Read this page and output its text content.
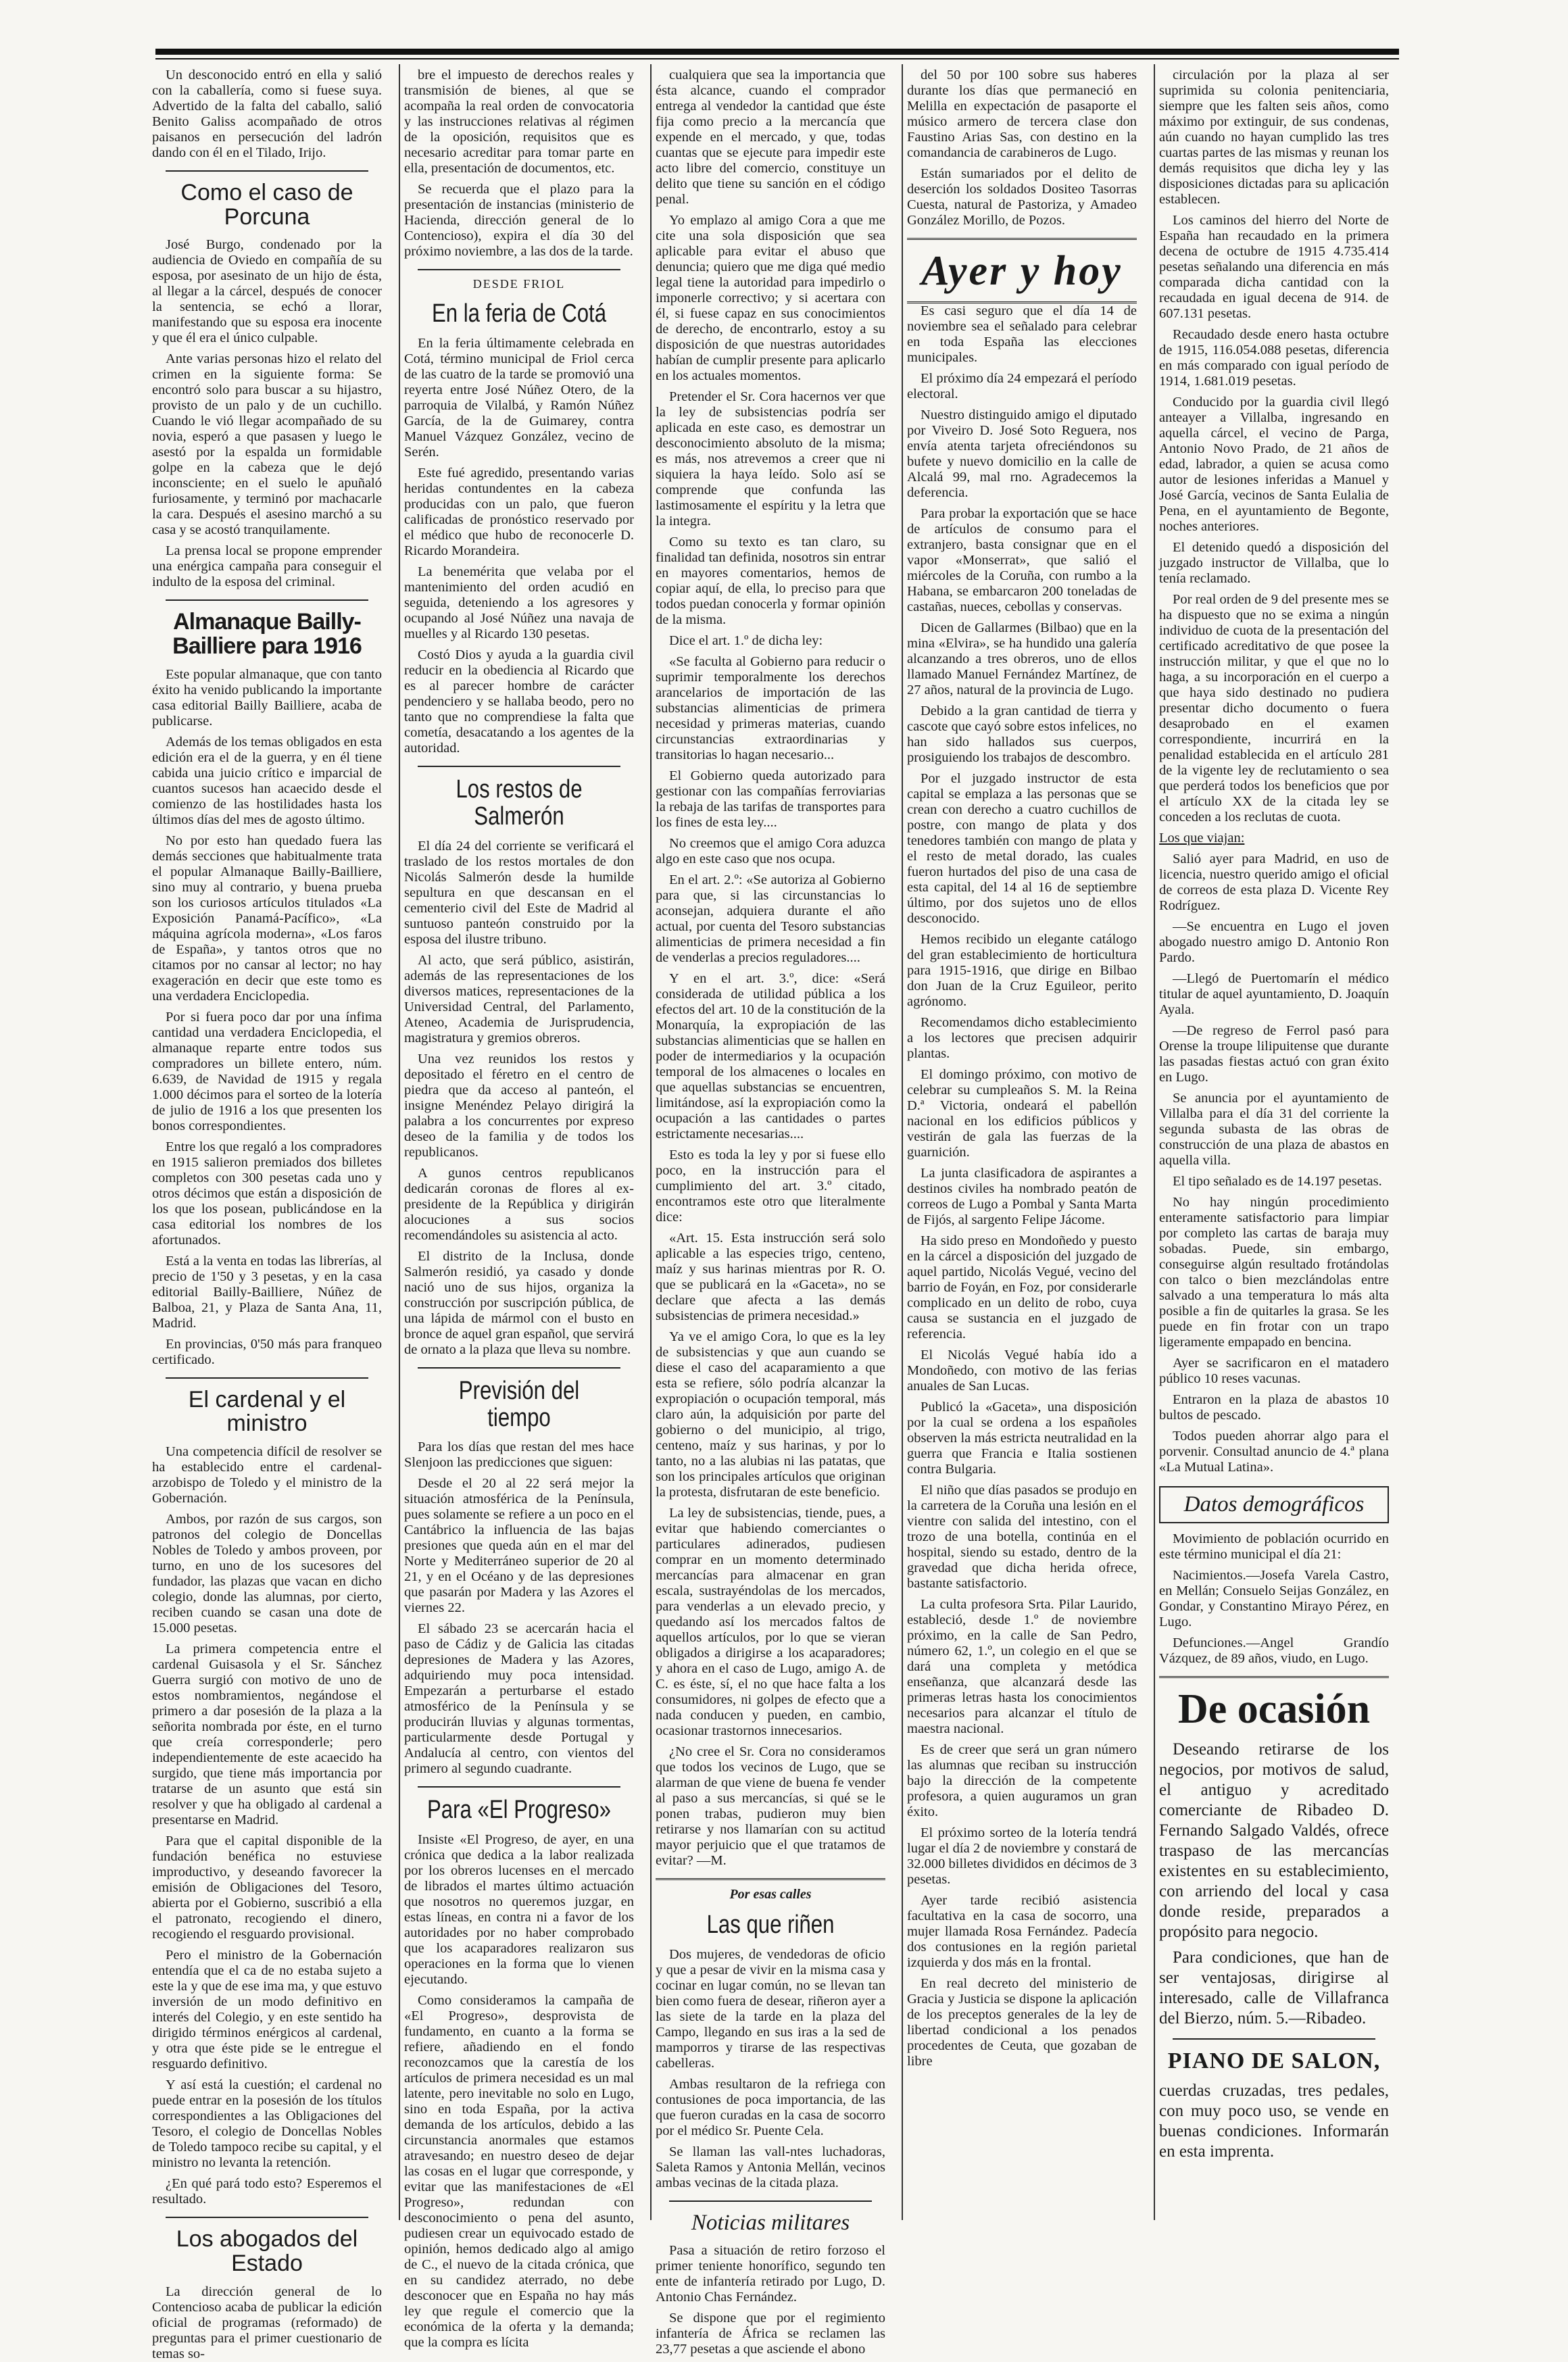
Un desconocido entró en ella y salió con la caballería, como si fuese suya. Advertido de la falta del caballo, salió Benito Galiss acompañado de otros paisanos en persecución del ladrón dando con él en el Tilado, Irijo.

Como el caso de Porcuna

José Burgo, condenado por la audiencia de Oviedo en compañía de su esposa, por asesinato de un hijo de ésta, al llegar a la cárcel, después de conocer la sentencia, se echó a llorar, manifestando que su esposa era inocente y que él era el único culpable.

Ante varias personas hizo el relato del crimen en la siguiente forma: Se encontró solo para buscar a su hijastro, provisto de un palo y de un cuchillo. Cuando le vió llegar acompañado de su novia, esperó a que pasasen y luego le asestó por la espalda un formidable golpe en la cabeza que le dejó inconsciente; en el suelo le apuñaló furiosamente, y terminó por machacarle la cara. Después el asesino marchó a su casa y se acostó tranquilamente.

La prensa local se propone emprender una enérgica campaña para conseguir el indulto de la esposa del criminal.

Almanaque Bailly-Bailliere para 1916

Este popular almanaque, que con tanto éxito ha venido publicando la importante casa editorial Bailly Bailliere, acaba de publicarse.

Además de los temas obligados en esta edición era el de la guerra, y en él tiene cabida una juicio crítico e imparcial de cuantos sucesos han acaecido desde el comienzo de las hostilidades hasta los últimos días del mes de agosto último.

No por esto han quedado fuera las demás secciones que habitualmente trata el popular Almanaque Bailly-Bailliere, sino muy al contrario, y buena prueba son los curiosos artículos titulados «La Exposición Panamá-Pacífico», «La máquina agrícola moderna», «Los faros de España», y tantos otros que no citamos por no cansar al lector; no hay exageración en decir que este tomo es una verdadera Enciclopedia.

Por si fuera poco dar por una ínfima cantidad una verdadera Enciclopedia, el almanaque reparte entre todos sus compradores un billete entero, núm. 6.639, de Navidad de 1915 y regala 1.000 décimos para el sorteo de la lotería de julio de 1916 a los que presenten los bonos correspondientes.

Entre los que regaló a los compradores en 1915 salieron premiados dos billetes completos con 300 pesetas cada uno y otros décimos que están a disposición de los que los posean, publicándose en la casa editorial los nombres de los afortunados.

Está a la venta en todas las librerías, al precio de 1'50 y 3 pesetas, y en la casa editorial Bailly-Bailliere, Núñez de Balboa, 21, y Plaza de Santa Ana, 11, Madrid.

En provincias, 0'50 más para franqueo certificado.

El cardenal y el ministro

Una competencia difícil de resolver se ha establecido entre el cardenal-arzobispo de Toledo y el ministro de la Gobernación.

Ambos, por razón de sus cargos, son patronos del colegio de Doncellas Nobles de Toledo y ambos proveen, por turno, en uno de los sucesores del fundador, las plazas que vacan en dicho colegio, donde las alumnas, por cierto, reciben cuando se casan una dote de 15.000 pesetas.

La primera competencia entre el cardenal Guisasola y el Sr. Sánchez Guerra surgió con motivo de uno de estos nombramientos, negándose el primero a dar posesión de la plaza a la señorita nombrada por éste, en el turno que creía corresponderle; pero independientemente de este acaecido ha surgido, que tiene más importancia por tratarse de un asunto que está sin resolver y que ha obligado al cardenal a presentarse en Madrid.

Para que el capital disponible de la fundación benéfica no estuviese improductivo, y deseando favorecer la emisión de Obligaciones del Tesoro, abierta por el Gobierno, suscribió a ella el patronato, recogiendo el dinero, recogiendo el resguardo provisional.

Pero el ministro de la Gobernación entendía que el ca de no estaba sujeto a este la y que de ese ima ma, y que estuvo inversión de un modo definitivo en interés del Colegio, y en este sentido ha dirigido términos enérgicos al cardenal, y otra que éste pide se le entregue el resguardo definitivo.

Y así está la cuestión; el cardenal no puede entrar en la posesión de los títulos correspondientes a las Obligaciones del Tesoro, el colegio de Doncellas Nobles de Toledo tampoco recibe su capital, y el ministro no levanta la retención.

¿En qué pará todo esto? Esperemos el resultado.

Los abogados del Estado

La dirección general de lo Contencioso acaba de publicar la edición oficial de programas (reformado) de preguntas para el primer cuestionario de temas so-

bre el impuesto de derechos reales y transmisión de bienes, al que se acompaña la real orden de convocatoria y las instrucciones relativas al régimen de la oposición, requisitos que es necesario acreditar para tomar parte en ella, presentación de documentos, etc.

Se recuerda que el plazo para la presentación de instancias (ministerio de Hacienda, dirección general de lo Contencioso), expira el día 30 del próximo noviembre, a las dos de la tarde.

DESDE FRIOL
En la feria de Cotá

En la feria últimamente celebrada en Cotá, término municipal de Friol cerca de las cuatro de la tarde se promovió una reyerta entre José Núñez Otero, de la parroquia de Vilalbá, y Ramón Núñez García, de la de Guimarey, contra Manuel Vázquez González, vecino de Serén.

Este fué agredido, presentando varias heridas contundentes en la cabeza producidas con un palo, que fueron calificadas de pronóstico reservado por el médico que hubo de reconocerle D. Ricardo Morandeira.

La benemérita que velaba por el mantenimiento del orden acudió en seguida, deteniendo a los agresores y ocupando al José Núñez una navaja de muelles y al Ricardo 130 pesetas.

Costó Dios y ayuda a la guardia civil reducir en la obediencia al Ricardo que es al parecer hombre de carácter pendenciero y se hallaba beodo, pero no tanto que no comprendiese la falta que cometía, desacatando a los agentes de la autoridad.

Los restos de Salmerón

El día 24 del corriente se verificará el traslado de los restos mortales de don Nicolás Salmerón desde la humilde sepultura en que descansan en el cementerio civil del Este de Madrid al suntuoso panteón construido por la esposa del ilustre tribuno.

Al acto, que será público, asistirán, además de las representaciones de los diversos matices, representaciones de la Universidad Central, del Parlamento, Ateneo, Academia de Jurisprudencia, magistratura y gremios obreros.

Una vez reunidos los restos y depositado el féretro en el centro de piedra que da acceso al panteón, el insigne Menéndez Pelayo dirigirá la palabra a los concurrentes por expreso deseo de la familia y de todos los republicanos.

A gunos centros republicanos dedicarán coronas de flores al ex-presidente de la República y dirigirán alocuciones a sus socios recomendándoles su asistencia al acto.

El distrito de la Inclusa, donde Salmerón residió, ya casado y donde nació uno de sus hijos, organiza la construcción por suscripción pública, de una lápida de mármol con el busto en bronce de aquel gran español, que servirá de ornato a la plaza que lleva su nombre.

Previsión del tiempo

Para los días que restan del mes hace Slenjoon las predicciones que siguen:

Desde el 20 al 22 será mejor la situación atmosférica de la Península, pues solamente se refiere a un poco en el Cantábrico la influencia de las bajas presiones que queda aún en el mar del Norte y Mediterráneo superior de 20 al 21, y en el Océano y de las depresiones que pasarán por Madera y las Azores el viernes 22.

El sábado 23 se acercarán hacia el paso de Cádiz y de Galicia las citadas depresiones de Madera y las Azores, adquiriendo muy poca intensidad. Empezarán a perturbarse el estado atmosférico de la Península y se producirán lluvias y algunas tormentas, particularmente desde Portugal y Andalucía al centro, con vientos del primero al segundo cuadrante.

Para «El Progreso»

Insiste «El Progreso, de ayer, en una crónica que dedica a la labor realizada por los obreros lucenses en el mercado de librados el martes último actuación que nosotros no queremos juzgar, en estas líneas, en contra ni a favor de los autoridades por no haber comprobado que los acaparadores realizaron sus operaciones en la forma que lo vienen ejecutando.

Como consideramos la campaña de «El Progreso», desprovista de fundamento, en cuanto a la forma se refiere, añadiendo en el fondo reconozcamos que la carestía de los artículos de primera necesidad es un mal latente, pero inevitable no solo en Lugo, sino en toda España, por la activa demanda de los artículos, debido a las circunstancia anormales que estamos atravesando; en nuestro deseo de dejar las cosas en el lugar que corresponde, y evitar que las manifestaciones de «El Progreso», redundan con desconocimiento o pena del asunto, pudiesen crear un equivocado estado de opinión, hemos dedicado algo al amigo de C., el nuevo de la citada crónica, que en su candidez aterrado, no debe desconocer que en España no hay más ley que regule el comercio que la económica de la oferta y la demanda; que la compra es lícita

cualquiera que sea la importancia que ésta alcance, cuando el comprador entrega al vendedor la cantidad que éste fija como precio a la mercancía que expende en el mercado, y que, todas cuantas que se ejecute para impedir este acto libre del comercio, constituye un delito que tiene su sanción en el código penal.

Yo emplazo al amigo Cora a que me cite una sola disposición que sea aplicable para evitar el abuso que denuncia; quiero que me diga qué medio legal tiene la autoridad para impedirlo o imponerle correctivo; y si acertara con él, si fuese capaz en sus conocimientos de derecho, de encontrarlo, estoy a su disposición de que nuestras autoridades habían de cumplir presente para aplicarlo en los actuales momentos.

Pretender el Sr. Cora hacernos ver que la ley de subsistencias podría ser aplicada en este caso, es demostrar un desconocimiento absoluto de la misma; es más, nos atrevemos a creer que ni siquiera la haya leído. Solo así se comprende que confunda las lastimosamente el espíritu y la letra que la integra.

Como su texto es tan claro, su finalidad tan definida, nosotros sin entrar en mayores comentarios, hemos de copiar aquí, de ella, lo preciso para que todos puedan conocerla y formar opinión de la misma.

Dice el art. 1.º de dicha ley:

«Se faculta al Gobierno para reducir o suprimir temporalmente los derechos arancelarios de importación de las substancias alimenticias de primera necesidad y primeras materias, cuando circunstancias extraordinarias y transitorias lo hagan necesario...

El Gobierno queda autorizado para gestionar con las compañías ferroviarias la rebaja de las tarifas de transportes para los fines de esta ley....

No creemos que el amigo Cora aduzca algo en este caso que nos ocupa.

En el art. 2.º: «Se autoriza al Gobierno para que, si las circunstancias lo aconsejan, adquiera durante el año actual, por cuenta del Tesoro substancias alimenticias de primera necesidad a fin de venderlas a precios reguladores....

Y en el art. 3.º, dice: «Será considerada de utilidad pública a los efectos del art. 10 de la constitución de la Monarquía, la expropiación de las substancias alimenticias que se hallen en poder de intermediarios y la ocupación temporal de los almacenes o locales en que aquellas substancias se encuentren, limitándose, así la expropiación como la ocupación a las cantidades o partes estrictamente necesarias....

Esto es toda la ley y por si fuese ello poco, en la instrucción para el cumplimiento del art. 3.º citado, encontramos este otro que literalmente dice:

«Art. 15. Esta instrucción será solo aplicable a las especies trigo, centeno, maíz y sus harinas mientras por R. O. que se publicará en la «Gaceta», no se declare que afecta a las demás subsistencias de primera necesidad.»

Ya ve el amigo Cora, lo que es la ley de subsistencias y que aun cuando se diese el caso del acaparamiento a que esta se refiere, sólo podría alcanzar la expropiación o ocupación temporal, más claro aún, la adquisición por parte del gobierno o del municipio, al trigo, centeno, maíz y sus harinas, y por lo tanto, no a las alubias ni las patatas, que son los principales artículos que originan la protesta, disfrutaran de este beneficio.

La ley de subsistencias, tiende, pues, a evitar que habiendo comerciantes o particulares adinerados, pudiesen comprar en un momento determinado mercancías para almacenar en gran escala, sustrayéndolas de los mercados, para venderlas a un elevado precio, y quedando así los mercados faltos de aquellos artículos, por lo que se vieran obligados a dirigirse a los acaparadores; y ahora en el caso de Lugo, amigo A. de C. es éste, sí, el no que hace falta a los consumidores, ni golpes de efecto que a nada conducen y pueden, en cambio, ocasionar trastornos innecesarios.

¿No cree el Sr. Cora no consideramos que todos los vecinos de Lugo, que se alarman de que viene de buena fe vender al paso a sus mercancías, si qué se le ponen trabas, pudieron muy bien retirarse y nos llamarían con su actitud mayor perjuicio que el que tratamos de evitar? —M.

Por esas calles
Las que riñen

Dos mujeres, de vendedoras de oficio y que a pesar de vivir en la misma casa y cocinar en lugar común, no se llevan tan bien como fuera de desear, riñeron ayer a las siete de la tarde en la plaza del Campo, llegando en sus iras a la sed de mamporros y tirarse de las respectivas cabelleras.

Ambas resultaron de la refriega con contusiones de poca importancia, de las que fueron curadas en la casa de socorro por el médico Sr. Puente Cela.

Se llaman las vall-ntes luchadoras, Saleta Ramos y Antonia Mellán, vecinos ambas vecinas de la citada plaza.

Noticias militares

Pasa a situación de retiro forzoso el primer teniente honorífico, segundo ten ente de infantería retirado por Lugo, D. Antonio Chas Fernández.

Se dispone que por el regimiento infantería de África se reclamen las 23,77 pesetas a que asciende el abono

del 50 por 100 sobre sus haberes durante los días que permaneció en Melilla en expectación de pasaporte el músico armero de tercera clase don Faustino Arias Sas, con destino en la comandancia de carabineros de Lugo.

Están sumariados por el delito de deserción los soldados Dositeo Tasorras Cuesta, natural de Pastoriza, y Amadeo González Morillo, de Pozos.

Ayer y hoy

Es casi seguro que el día 14 de noviembre sea el señalado para celebrar en toda España las elecciones municipales.

El próximo día 24 empezará el período electoral.

Nuestro distinguido amigo el diputado por Viveiro D. José Soto Reguera, nos envía atenta tarjeta ofreciéndonos su bufete y nuevo domicilio en la calle de Alcalá 99, mal rno. Agradecemos la deferencia.

Para probar la exportación que se hace de artículos de consumo para el extranjero, basta consignar que en el vapor «Monserrat», que salió el miércoles de la Coruña, con rumbo a la Habana, se embarcaron 200 toneladas de castañas, nueces, cebollas y conservas.

Dicen de Gallarmes (Bilbao) que en la mina «Elvira», se ha hundido una galería alcanzando a tres obreros, uno de ellos llamado Manuel Fernández Martínez, de 27 años, natural de la provincia de Lugo.

Debido a la gran cantidad de tierra y cascote que cayó sobre estos infelices, no han sido hallados sus cuerpos, prosiguiendo los trabajos de descombro.

Por el juzgado instructor de esta capital se emplaza a las personas que se crean con derecho a cuatro cuchillos de postre, con mango de plata y dos tenedores también con mango de plata y el resto de metal dorado, las cuales fueron hurtados del piso de una casa de esta capital, del 14 al 16 de septiembre último, por dos sujetos uno de ellos desconocido.

Hemos recibido un elegante catálogo del gran establecimiento de horticultura para 1915-1916, que dirige en Bilbao don Juan de la Cruz Eguileor, perito agrónomo.

Recomendamos dicho establecimiento a los lectores que precisen adquirir plantas.

El domingo próximo, con motivo de celebrar su cumpleaños S. M. la Reina D.ª Victoria, ondeará el pabellón nacional en los edificios públicos y vestirán de gala las fuerzas de la guarnición.

La junta clasificadora de aspirantes a destinos civiles ha nombrado peatón de correos de Lugo a Pombal y Santa Marta de Fijós, al sargento Felipe Jácome.

Ha sido preso en Mondoñedo y puesto en la cárcel a disposición del juzgado de aquel partido, Nicolás Vegué, vecino del barrio de Foyán, en Foz, por considerarle complicado en un delito de robo, cuya causa se sustancia en el juzgado de referencia.

El Nicolás Vegué había ido a Mondoñedo, con motivo de las ferias anuales de San Lucas.

Publicó la «Gaceta», una disposición por la cual se ordena a los españoles observen la más estricta neutralidad en la guerra que Francia e Italia sostienen contra Bulgaria.

El niño que días pasados se produjo en la carretera de la Coruña una lesión en el vientre con salida del intestino, con el trozo de una botella, continúa en el hospital, siendo su estado, dentro de la gravedad que dicha herida ofrece, bastante satisfactorio.

La culta profesora Srta. Pilar Laurido, estableció, desde 1.º de noviembre próximo, en la calle de San Pedro, número 62, 1.º, un colegio en el que se dará una completa y metódica enseñanza, que alcanzará desde las primeras letras hasta los conocimientos necesarios para alcanzar el título de maestra nacional.

Es de creer que será un gran número las alumnas que reciban su instrucción bajo la dirección de la competente profesora, a quien auguramos un gran éxito.

El próximo sorteo de la lotería tendrá lugar el día 2 de noviembre y constará de 32.000 billetes divididos en décimos de 3 pesetas.

Ayer tarde recibió asistencia facultativa en la casa de socorro, una mujer llamada Rosa Fernández. Padecía dos contusiones en la región parietal izquierda y dos más en la frontal.

En real decreto del ministerio de Gracia y Justicia se dispone la aplicación de los preceptos generales de la ley de libertad condicional a los penados procedentes de Ceuta, que gozaban de libre

circulación por la plaza al ser suprimida su colonia penitenciaria, siempre que les falten seis años, como máximo por extinguir, de sus condenas, aún cuando no hayan cumplido las tres cuartas partes de las mismas y reunan los demás requisitos que dicha ley y las disposiciones dictadas para su aplicación establecen.

Los caminos del hierro del Norte de España han recaudado en la primera decena de octubre de 1915 4.735.414 pesetas señalando una diferencia en más comparada dicha cantidad con la recaudada en igual decena de 914. de 607.131 pesetas.

Recaudado desde enero hasta octubre de 1915, 116.054.088 pesetas, diferencia en más comparado con igual período de 1914, 1.681.019 pesetas.

Conducido por la guardia civil llegó anteayer a Villalba, ingresando en aquella cárcel, el vecino de Parga, Antonio Novo Prado, de 21 años de edad, labrador, a quien se acusa como autor de lesiones inferidas a Manuel y José García, vecinos de Santa Eulalia de Pena, en el ayuntamiento de Begonte, noches anteriores.

El detenido quedó a disposición del juzgado instructor de Villalba, que lo tenía reclamado.

Por real orden de 9 del presente mes se ha dispuesto que no se exima a ningún individuo de cuota de la presentación del certificado acreditativo de que posee la instrucción militar, y que el que no lo haga, a su incorporación en el cuerpo a que haya sido destinado no pudiera presentar dicho documento o fuera desaprobado en el examen correspondiente, incurrirá en la penalidad establecida en el artículo 281 de la vigente ley de reclutamiento o sea que perderá todos los beneficios que por el artículo XX de la citada ley se conceden a los reclutas de cuota.

Los que viajan:

Salió ayer para Madrid, en uso de licencia, nuestro querido amigo el oficial de correos de esta plaza D. Vicente Rey Rodríguez.

—Se encuentra en Lugo el joven abogado nuestro amigo D. Antonio Ron Pardo.

—Llegó de Puertomarín el médico titular de aquel ayuntamiento, D. Joaquín Ayala.

—De regreso de Ferrol pasó para Orense la troupe lilipuitense que durante las pasadas fiestas actuó con gran éxito en Lugo.

Se anuncia por el ayuntamiento de Villalba para el día 31 del corriente la segunda subasta de las obras de construcción de una plaza de abastos en aquella villa.

El tipo señalado es de 14.197 pesetas.

No hay ningún procedimiento enteramente satisfactorio para limpiar por completo las cartas de baraja muy sobadas. Puede, sin embargo, conseguirse algún resultado frotándolas con talco o bien mezclándolas entre salvado a una temperatura lo más alta posible a fin de quitarles la grasa. Se les puede en fin frotar con un trapo ligeramente empapado en bencina.

Ayer se sacrificaron en el matadero público 10 reses vacunas.

Entraron en la plaza de abastos 10 bultos de pescado.

Todos pueden ahorrar algo para el porvenir. Consultad anuncio de 4.ª plana «La Mutual Latina».

Datos demográficos

Movimiento de población ocurrido en este término municipal el día 21:

Nacimientos.—Josefa Varela Castro, en Mellán; Consuelo Seijas González, en Gondar, y Constantino Mirayo Pérez, en Lugo.

Defunciones.—Angel Grandío Vázquez, de 89 años, viudo, en Lugo.

De ocasión

Deseando retirarse de los negocios, por motivos de salud, el antiguo y acreditado comerciante de Ribadeo D. Fernando Salgado Valdés, ofrece traspaso de las mercancías existentes en su establecimiento, con arriendo del local y casa donde reside, preparados a propósito para negocio.

Para condiciones, que han de ser ventajosas, dirigirse al interesado, calle de Villafranca del Bierzo, núm. 5.—Ribadeo.

PIANO DE SALON,

cuerdas cruzadas, tres pedales, con muy poco uso, se vende en buenas condiciones. Informarán en esta imprenta.
